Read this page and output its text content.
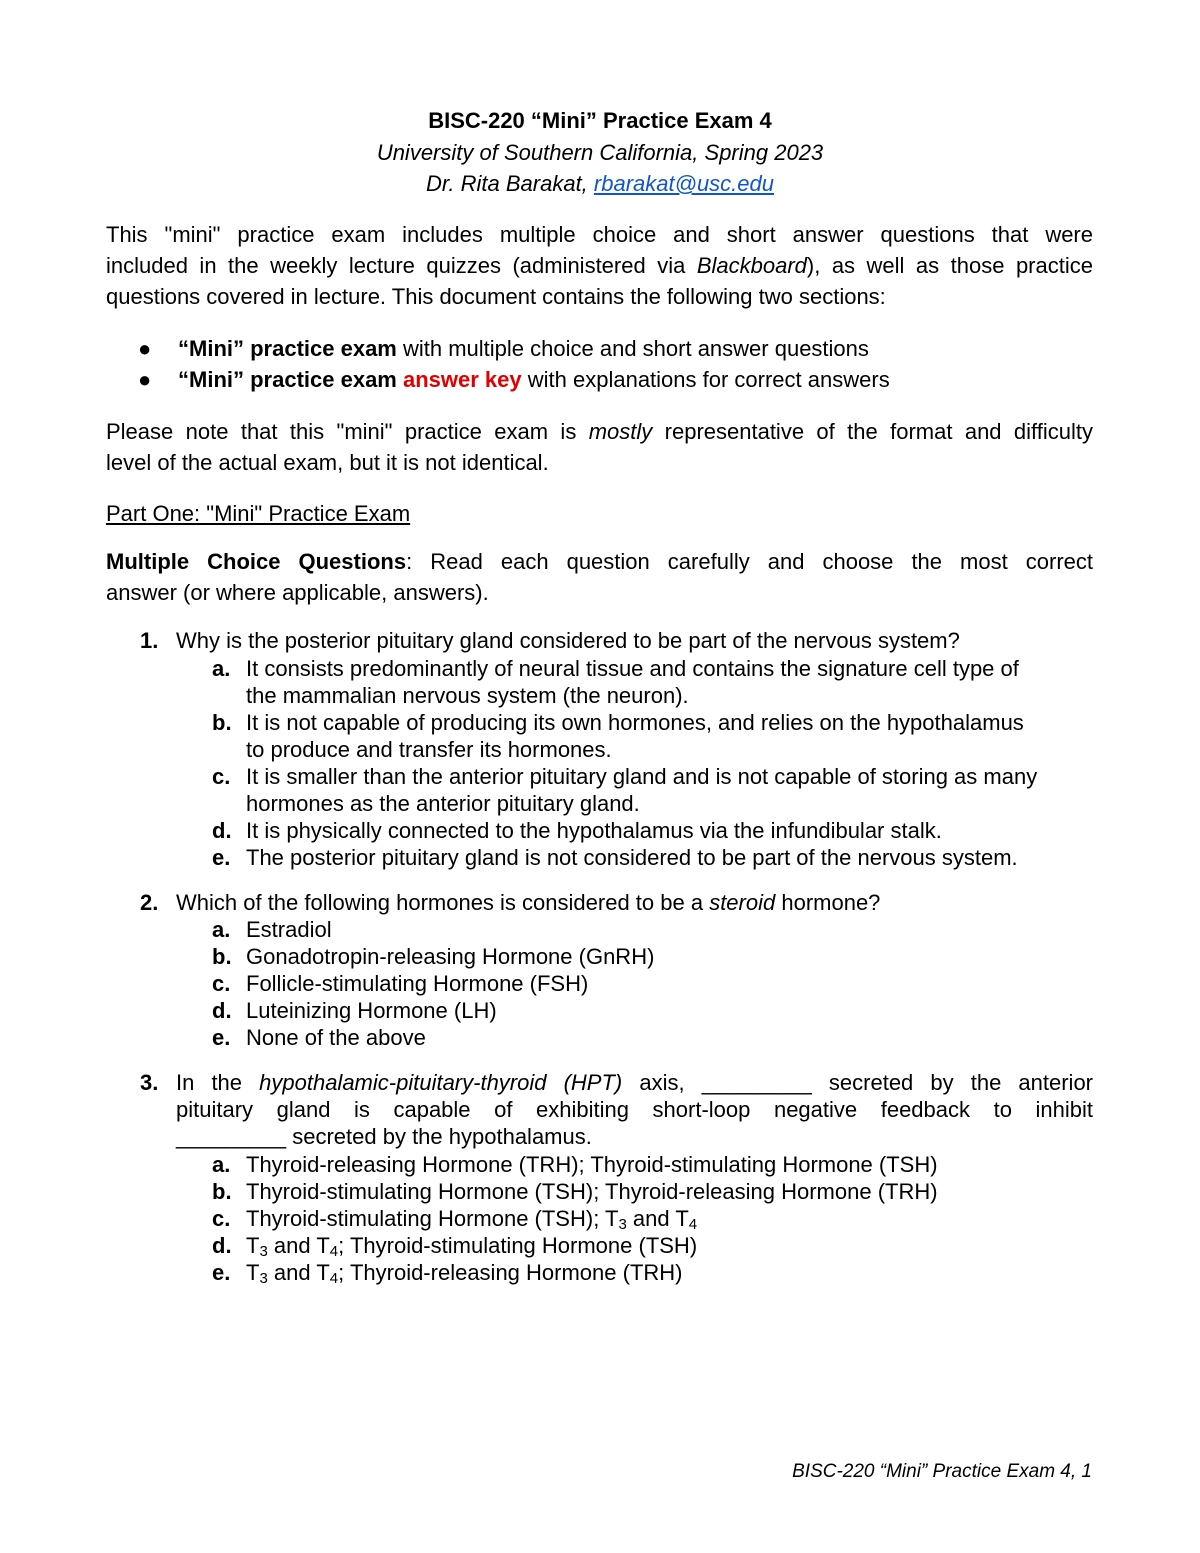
BISC-220 “Mini” Practice Exam 4
University of Southern California, Spring 2023
Dr. Rita Barakat, rbarakat@usc.edu
This "mini" practice exam includes multiple choice and short answer questions that were
included in the weekly lecture quizzes (administered via Blackboard), as well as those practice
questions covered in lecture. This document contains the following two sections:
● “Mini” practice exam with multiple choice and short answer questions
● “Mini” practice exam answer key with explanations for correct answers
Please note that this "mini" practice exam is mostly representative of the format and difficulty
level of the actual exam, but it is not identical.
Part One: "Mini" Practice Exam
Multiple Choice Questions: Read each question carefully and choose the most correct
answer (or where applicable, answers).
1. Why is the posterior pituitary gland considered to be part of the nervous system?
a. It consists predominantly of neural tissue and contains the signature cell type of
the mammalian nervous system (the neuron).
b. It is not capable of producing its own hormones, and relies on the hypothalamus
to produce and transfer its hormones.
c. It is smaller than the anterior pituitary gland and is not capable of storing as many
hormones as the anterior pituitary gland.
d. It is physically connected to the hypothalamus via the infundibular stalk.
e. The posterior pituitary gland is not considered to be part of the nervous system.
2. Which of the following hormones is considered to be a steroid hormone?
a. Estradiol
b. Gonadotropin-releasing Hormone (GnRH)
c. Follicle-stimulating Hormone (FSH)
d. Luteinizing Hormone (LH)
e. None of the above
3. In the hypothalamic-pituitary-thyroid (HPT) axis, _________ secreted by the anterior
pituitary gland is capable of exhibiting short-loop negative feedback to inhibit
_________ secreted by the hypothalamus.
a. Thyroid-releasing Hormone (TRH); Thyroid-stimulating Hormone (TSH)
b. Thyroid-stimulating Hormone (TSH); Thyroid-releasing Hormone (TRH)
c. Thyroid-stimulating Hormone (TSH); $T_3$ and $T_4$
d. $T_3$ and $T_4$; Thyroid-stimulating Hormone (TSH)
e. $T_3$ and $T_4$; Thyroid-releasing Hormone (TRH)
BISC-220 “Mini” Practice Exam 4, 1
